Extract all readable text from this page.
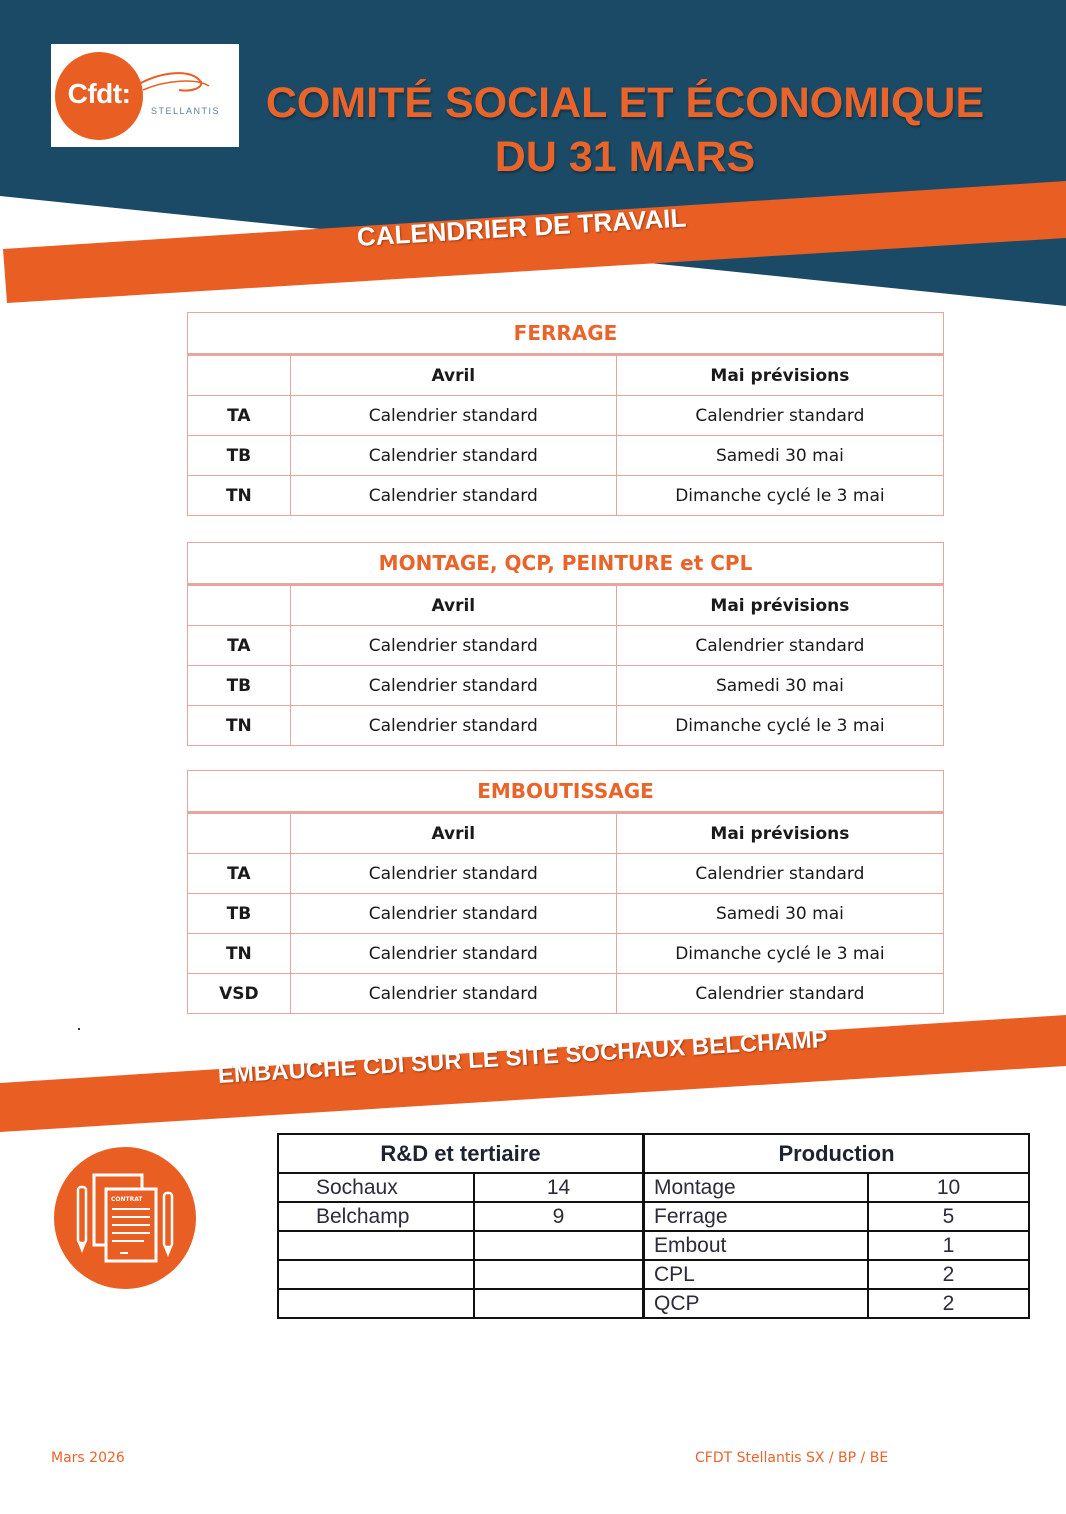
Cfdt:
STELLANTIS	COMITÉ SOCIAL ET ÉCONOMIQUE
DU 31 MARS
CALENDRIER DE TRAVAIL
FERRAGE		
	Avril	Mai prévisions
TA	Calendrier standard	Calendrier standard
TB	Calendrier standard	Samedi 30 mai
TN	Calendrier standard	Dimanche cyclé le 3 mai
MONTAGE, QCP, PEINTURE et CPL		
	Avril	Mai prévisions
TA	Calendrier standard	Calendrier standard
TB	Calendrier standard	Samedi 30 mai
TN	Calendrier standard	Dimanche cyclé le 3 mai
EMBOUTISSAGE		
	Avril	Mai prévisions
TA	Calendrier standard	Calendrier standard
TB	Calendrier standard	Samedi 30 mai
TN	Calendrier standard	Dimanche cyclé le 3 mai
VSD	Calendrier standard	Calendrier standard
EMBAUCHE CDI SUR LE SITE SOCHAUX BELCHAMP
CONTRAT
R&D et tertiaire		Production	
Sochaux	14	Montage	10
Belchamp	9	Ferrage	5
		Embout	1
		CPL	2
		QCP	2
Mars 2026	CFDT Stellantis SX / BP / BE
